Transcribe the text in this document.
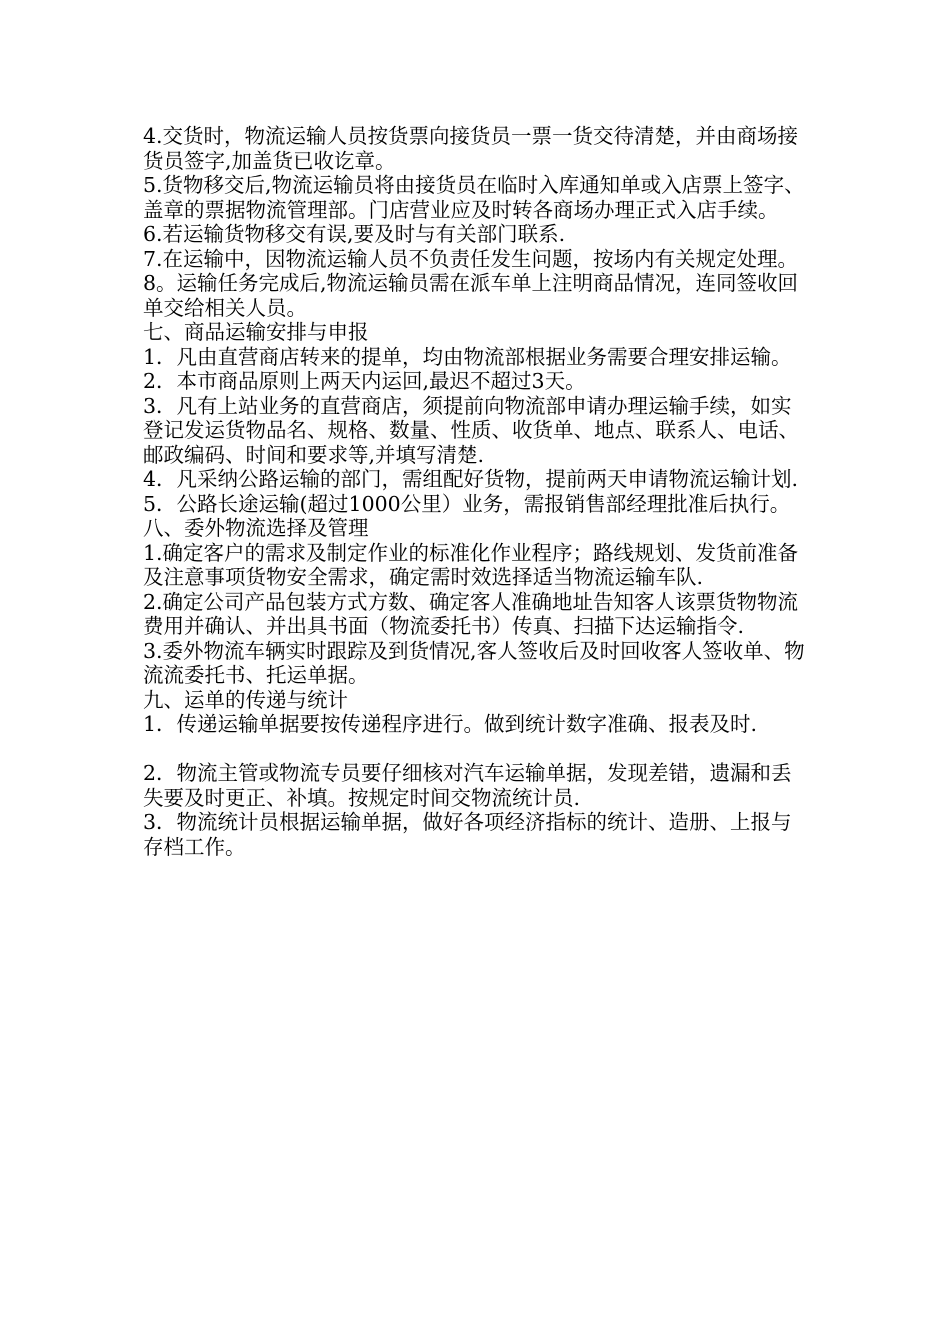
4.交货时，物流运输人员按货票向接货员一票一货交待清楚，并由商场接货员签字,加盖货已收讫章。

5.货物移交后,物流运输员将由接货员在临时入库通知单或入店票上签字、盖章的票据物流管理部。门店营业应及时转各商场办理正式入店手续。

6.若运输货物移交有误,要及时与有关部门联系.

7.在运输中，因物流运输人员不负责任发生问题，按场内有关规定处理。

8。运输任务完成后,物流运输员需在派车单上注明商品情况，连同签收回单交给相关人员。

七、商品运输安排与申报

1．凡由直营商店转来的提单，均由物流部根据业务需要合理安排运输。

2．本市商品原则上两天内运回,最迟不超过3天。

3．凡有上站业务的直营商店，须提前向物流部申请办理运输手续，如实登记发运货物品名、规格、数量、性质、收货单、地点、联系人、电话、邮政编码、时间和要求等,并填写清楚.

4．凡采纳公路运输的部门，需组配好货物，提前两天申请物流运输计划.

5．公路长途运输(超过1000公里）业务，需报销售部经理批准后执行。

八、委外物流选择及管理

1.确定客户的需求及制定作业的标准化作业程序；路线规划、发货前准备及注意事项货物安全需求，确定需时效选择适当物流运输车队.

2.确定公司产品包装方式方数、确定客人准确地址告知客人该票货物物流费用并确认、并出具书面（物流委托书）传真、扫描下达运输指令.

3.委外物流车辆实时跟踪及到货情况,客人签收后及时回收客人签收单、物流流委托书、托运单据。

九、运单的传递与统计

1．传递运输单据要按传递程序进行。做到统计数字准确、报表及时.

2．物流主管或物流专员要仔细核对汽车运输单据，发现差错，遗漏和丢失要及时更正、补填。按规定时间交物流统计员.

3．物流统计员根据运输单据，做好各项经济指标的统计、造册、上报与存档工作。
